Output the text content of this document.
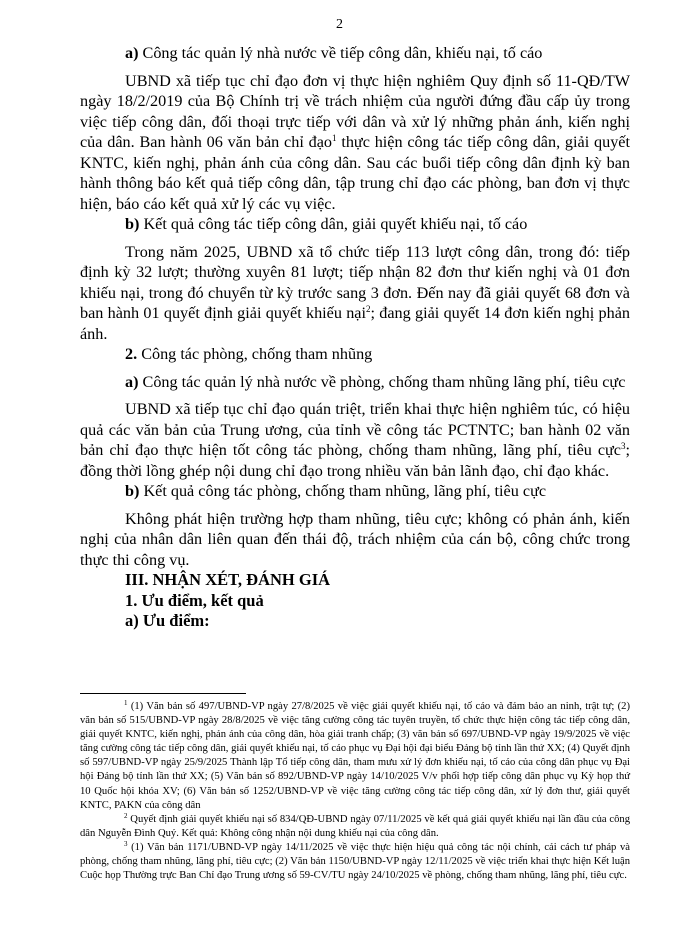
2

a) Công tác quản lý nhà nước về tiếp công dân, khiếu nại, tố cáo

UBND xã tiếp tục chỉ đạo đơn vị thực hiện nghiêm Quy định số 11-QĐ/TW ngày 18/2/2019 của Bộ Chính trị về trách nhiệm của người đứng đầu cấp ủy trong việc tiếp công dân, đối thoại trực tiếp với dân và xử lý những phản ánh, kiến nghị của dân. Ban hành 06 văn bản chỉ đạo$^1$ thực hiện công tác tiếp công dân, giải quyết KNTC, kiến nghị, phản ánh của công dân. Sau các buổi tiếp công dân định kỳ ban hành thông báo kết quả tiếp công dân, tập trung chỉ đạo các phòng, ban đơn vị thực hiện, báo cáo kết quả xử lý các vụ việc.

b) Kết quả công tác tiếp công dân, giải quyết khiếu nại, tố cáo

Trong năm 2025, UBND xã tổ chức tiếp 113 lượt công dân, trong đó: tiếp định kỳ 32 lượt; thường xuyên 81 lượt; tiếp nhận 82 đơn thư kiến nghị và 01 đơn khiếu nại, trong đó chuyển từ kỳ trước sang 3 đơn. Đến nay đã giải quyết 68 đơn và ban hành 01 quyết định giải quyết khiếu nại$^2$; đang giải quyết 14 đơn kiến nghị phản ánh.

2. Công tác phòng, chống tham nhũng

a) Công tác quản lý nhà nước về phòng, chống tham nhũng lãng phí, tiêu cực

UBND xã tiếp tục chỉ đạo quán triệt, triển khai thực hiện nghiêm túc, có hiệu quả các văn bản của Trung ương, của tỉnh về công tác PCTNTC; ban hành 02 văn bản chỉ đạo thực hiện tốt công tác phòng, chống tham nhũng, lãng phí, tiêu cực$^3$; đồng thời lồng ghép nội dung chỉ đạo trong nhiều văn bản lãnh đạo, chỉ đạo khác.

b) Kết quả công tác phòng, chống tham nhũng, lãng phí, tiêu cực

Không phát hiện trường hợp tham nhũng, tiêu cực; không có phản ánh, kiến nghị của nhân dân liên quan đến thái độ, trách nhiệm của cán bộ, công chức trong thực thi công vụ.

III. NHẬN XÉT, ĐÁNH GIÁ

1. Ưu điểm, kết quả

a) Ưu điểm:

$^1$ (1) Văn bản số 497/UBND-VP ngày 27/8/2025 về việc giải quyết khiếu nại, tố cáo và đảm bảo an ninh, trật tự; (2) văn bản số 515/UBND-VP ngày 28/8/2025 về việc tăng cường công tác tuyên truyền, tổ chức thực hiện công tác tiếp công dân, giải quyết KNTC, kiến nghị, phản ánh của công dân, hòa giải tranh chấp; (3) văn bản số 697/UBND-VP ngày 19/9/2025 về việc tăng cường công tác tiếp công dân, giải quyết khiếu nại, tố cáo phục vụ Đại hội đại biểu Đảng bộ tỉnh lần thứ XX; (4) Quyết định số 597/UBND-VP ngày 25/9/2025 Thành lập Tổ tiếp công dân, tham mưu xử lý đơn khiếu nại, tố cáo của công dân phục vụ Đại hội Đảng bộ tỉnh lần thứ XX; (5) Văn bản số 892/UBND-VP ngày 14/10/2025 V/v phối hợp tiếp công dân phục vụ Kỳ họp thứ 10 Quốc hội khóa XV; (6) Văn bản số 1252/UBND-VP về việc tăng cường công tác tiếp công dân, xử lý đơn thư, giải quyết KNTC, PAKN của công dân

$^2$ Quyết định giải quyết khiếu nại số 834/QĐ-UBND ngày 07/11/2025 về kết quả giải quyết khiếu nại lần đầu của công dân Nguyễn Đình Quý. Kết quả: Không công nhận nội dung khiếu nại của công dân.

$^3$ (1) Văn bản 1171/UBND-VP ngày 14/11/2025 về việc thực hiện hiệu quả công tác nội chính, cải cách tư pháp và phòng, chống tham nhũng, lãng phí, tiêu cực; (2) Văn bản 1150/UBND-VP ngày 12/11/2025 về việc triển khai thực hiện Kết luận Cuộc họp Thường trực Ban Chỉ đạo Trung ương số 59-CV/TU ngày 24/10/2025 về phòng, chống tham nhũng, lãng phí, tiêu cực.
